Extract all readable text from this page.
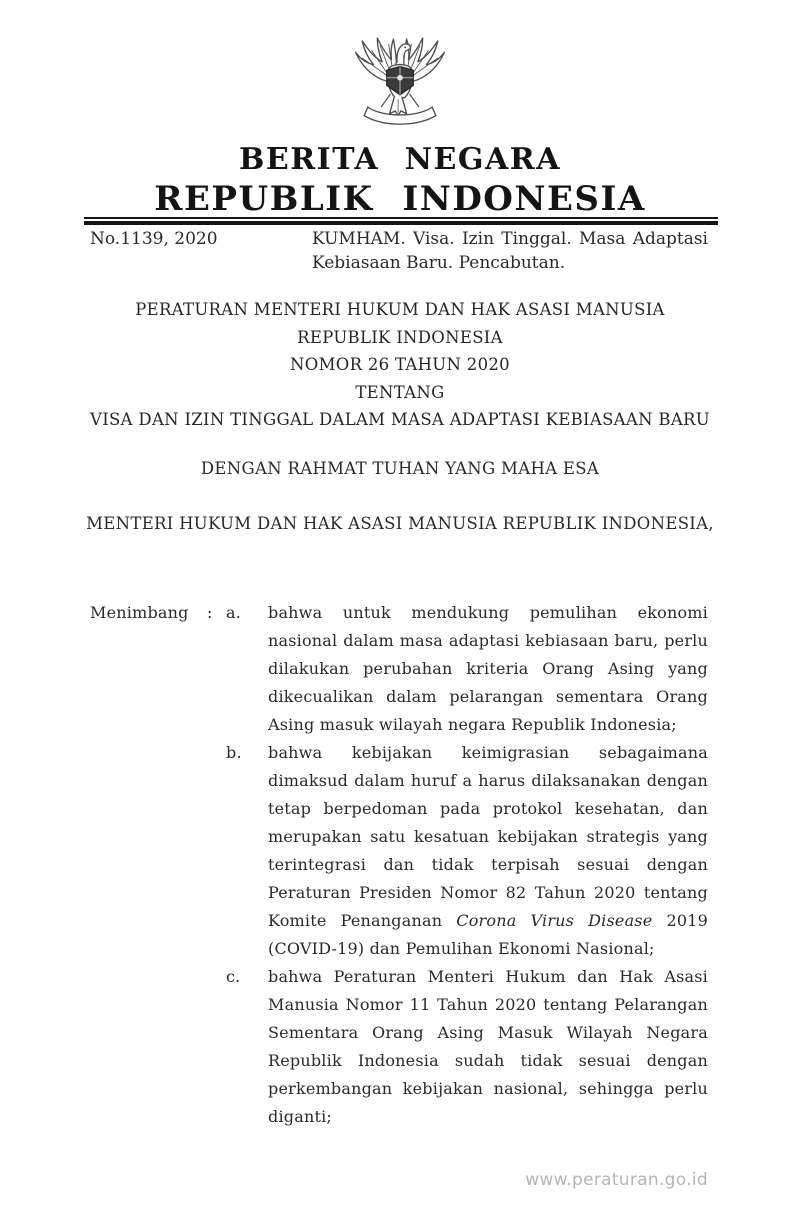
BERITA NEGARA
REPUBLIK INDONESIA
No.1139, 2020	KUMHAM. Visa. Izin Tinggal. Masa Adaptasi Kebiasaan Baru. Pencabutan.

PERATURAN MENTERI HUKUM DAN HAK ASASI MANUSIA
REPUBLIK INDONESIA
NOMOR 26 TAHUN 2020
TENTANG
VISA DAN IZIN TINGGAL DALAM MASA ADAPTASI KEBIASAAN BARU

DENGAN RAHMAT TUHAN YANG MAHA ESA

MENTERI HUKUM DAN HAK ASASI MANUSIA REPUBLIK INDONESIA,

Menimbang	: a.	bahwa untuk mendukung pemulihan ekonomi nasional dalam masa adaptasi kebiasaan baru, perlu dilakukan perubahan kriteria Orang Asing yang dikecualikan dalam pelarangan sementara Orang Asing masuk wilayah negara Republik Indonesia;

b.	bahwa kebijakan keimigrasian sebagaimana dimaksud dalam huruf a harus dilaksanakan dengan tetap berpedoman pada protokol kesehatan, dan merupakan satu kesatuan kebijakan strategis yang terintegrasi dan tidak terpisah sesuai dengan Peraturan Presiden Nomor 82 Tahun 2020 tentang Komite Penanganan Corona Virus Disease 2019 (COVID-19) dan Pemulihan Ekonomi Nasional;

c.	bahwa Peraturan Menteri Hukum dan Hak Asasi Manusia Nomor 11 Tahun 2020 tentang Pelarangan Sementara Orang Asing Masuk Wilayah Negara Republik Indonesia sudah tidak sesuai dengan perkembangan kebijakan nasional, sehingga perlu diganti;

www.peraturan.go.id
